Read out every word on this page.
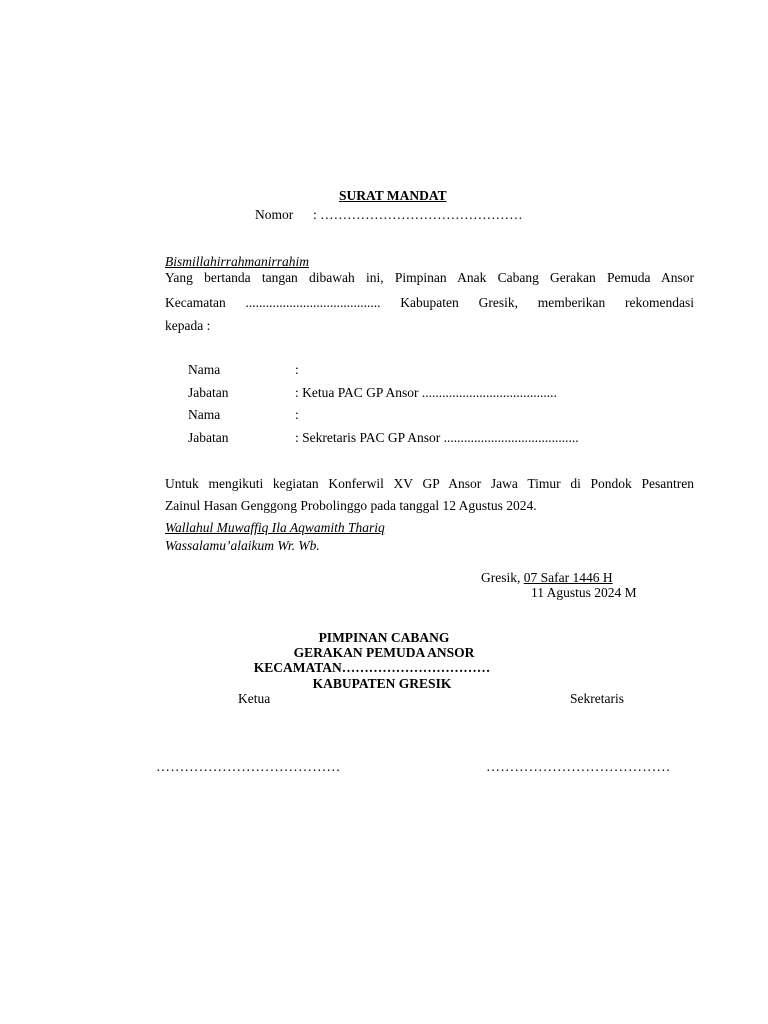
SURAT MANDAT
Nomor : ………………………………………
Bismillahirrahmanirrahim
Yang bertanda tangan dibawah ini, Pimpinan Anak Cabang Gerakan Pemuda Ansor
Kecamatan ........................................ Kabupaten Gresik, memberikan rekomendasi
kepada :
Nama	:
Jabatan	: Ketua PAC GP Ansor ........................................
Nama	:
Jabatan	: Sekretaris PAC GP Ansor ........................................
Untuk mengikuti kegiatan Konferwil XV GP Ansor Jawa Timur di Pondok Pesantren
Zainul Hasan Genggong Probolinggo pada tanggal 12 Agustus 2024.
Wallahul Muwaffiq Ila Aqwamith Thariq
Wassalamu’alaikum Wr. Wb.
Gresik, 07 Safar 1446 H
11 Agustus 2024 M
PIMPINAN CABANG
GERAKAN PEMUDA ANSOR
KECAMATAN……………………………
KABUPATEN GRESIK
Ketua	Sekretaris
…………………………………	…………………………………
